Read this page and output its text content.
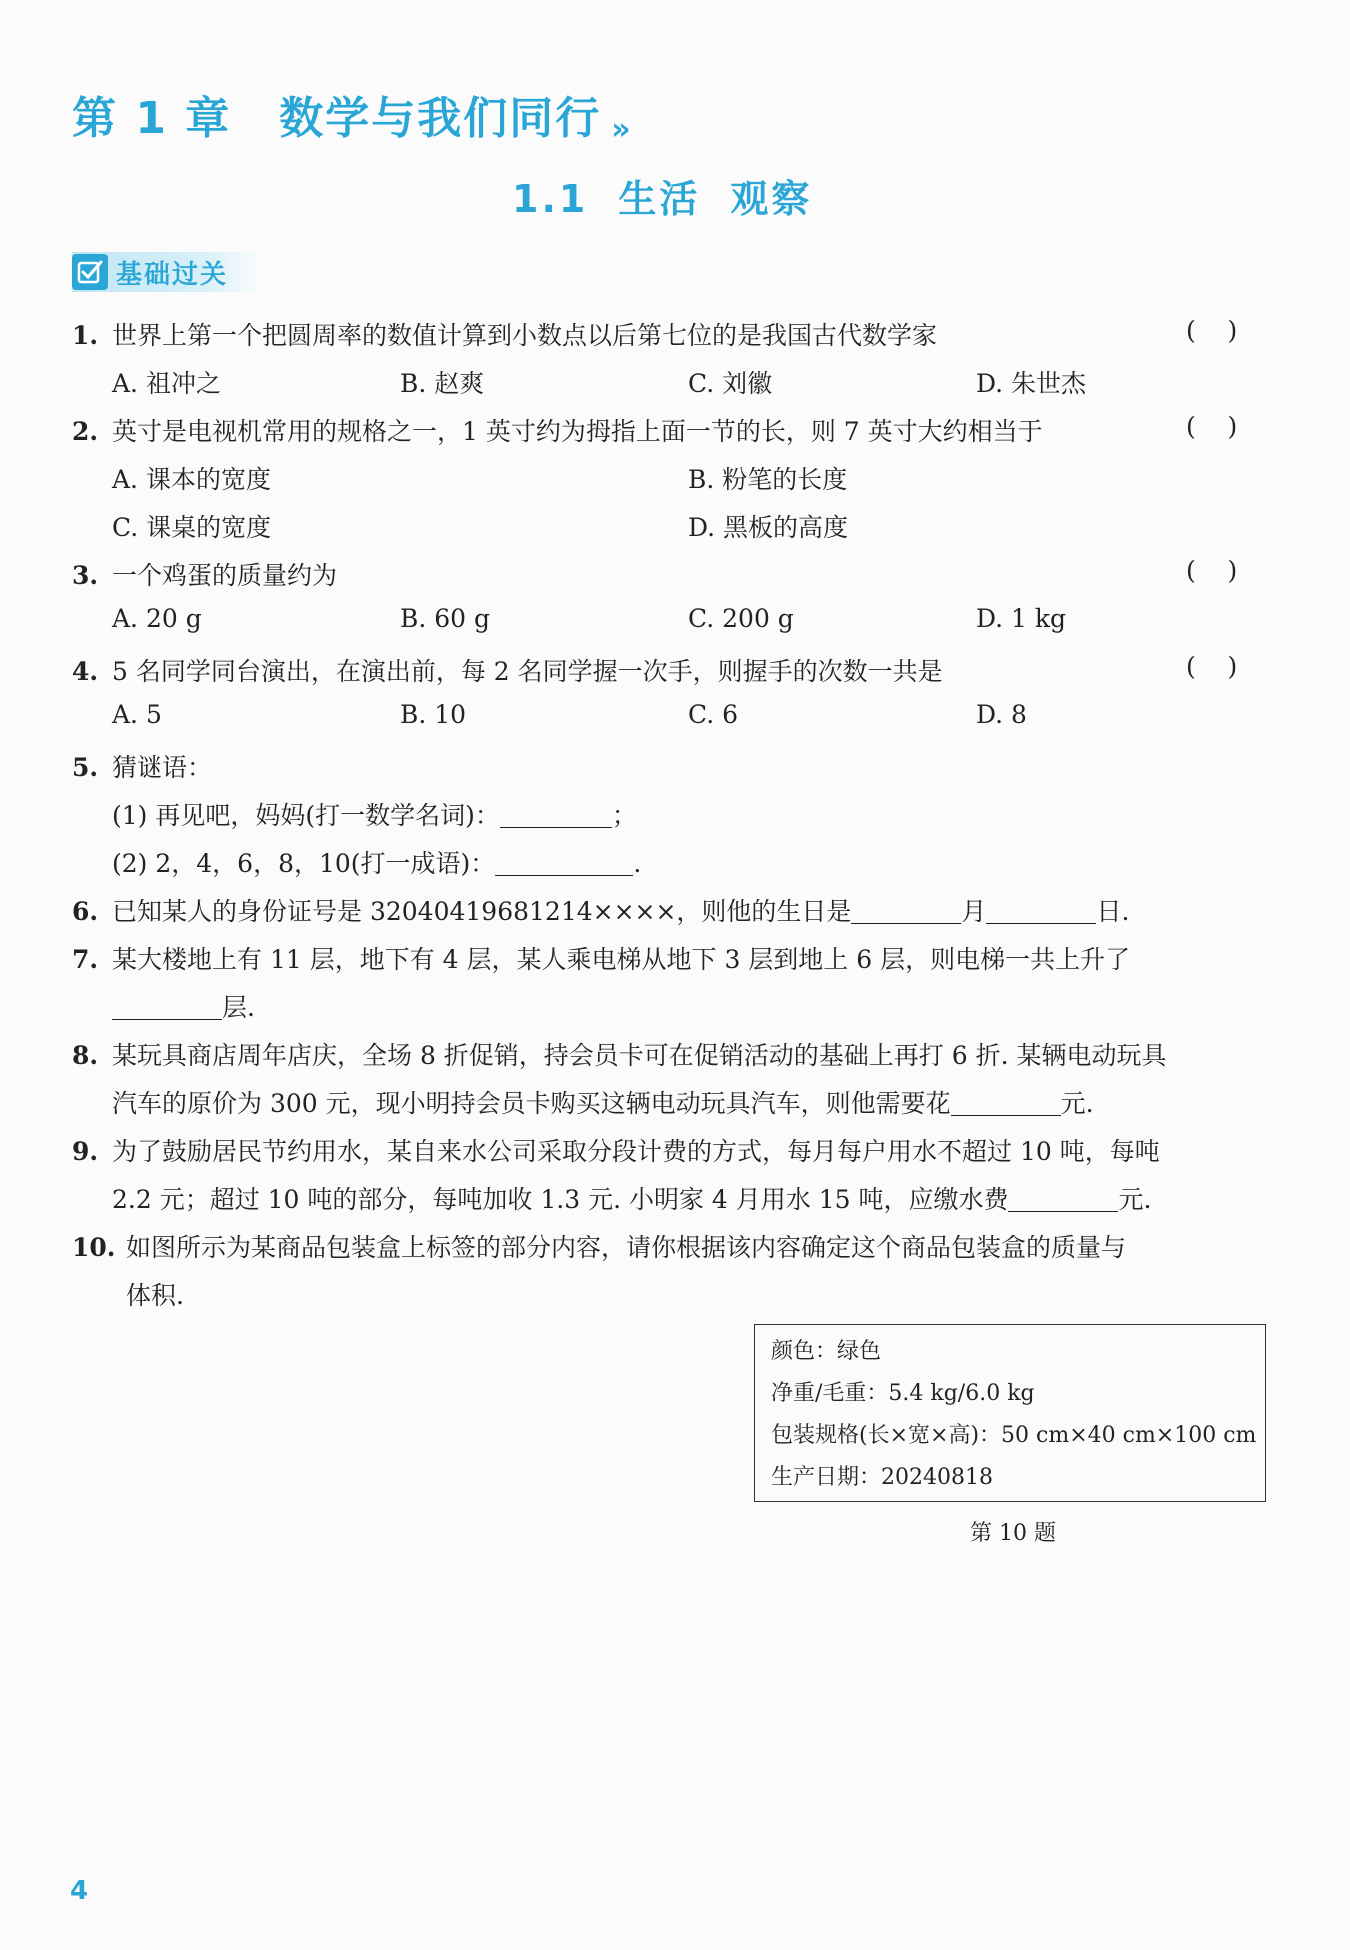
第 1 章 数学与我们同行 »
1.1 生活 观察
基础过关
1. 世界上第一个把圆周率的数值计算到小数点以后第七位的是我国古代数学家	(    )
A. 祖冲之	B. 赵爽	C. 刘徽	D. 朱世杰
2. 英寸是电视机常用的规格之一，1 英寸约为拇指上面一节的长，则 7 英寸大约相当于	(    )
A. 课本的宽度	B. 粉笔的长度
C. 课桌的宽度	D. 黑板的高度
3. 一个鸡蛋的质量约为	(    )
A. 20 g	B. 60 g	C. 200 g	D. 1 kg
4. 5 名同学同台演出，在演出前，每 2 名同学握一次手，则握手的次数一共是	(    )
A. 5	B. 10	C. 6	D. 8
5. 猜谜语：
(1) 再见吧，妈妈(打一数学名词)：	；
(2) 2，4，6，8，10(打一成语)：	.
6. 已知某人的身份证号是 32040419681214××××，则他的生日是	月	日.
7. 某大楼地上有 11 层，地下有 4 层，某人乘电梯从地下 3 层到地上 6 层，则电梯一共上升了
层.
8. 某玩具商店周年店庆，全场 8 折促销，持会员卡可在促销活动的基础上再打 6 折. 某辆电动玩具
汽车的原价为 300 元，现小明持会员卡购买这辆电动玩具汽车，则他需要花	元.
9. 为了鼓励居民节约用水，某自来水公司采取分段计费的方式，每月每户用水不超过 10 吨，每吨
2.2 元；超过 10 吨的部分，每吨加收 1.3 元. 小明家 4 月用水 15 吨，应缴水费	元.
10. 如图所示为某商品包装盒上标签的部分内容，请你根据该内容确定这个商品包装盒的质量与
体积.
颜色：绿色
净重/毛重：5.4 kg/6.0 kg
包装规格(长×宽×高)：50 cm×40 cm×100 cm
生产日期：20240818
第 10 题
4
